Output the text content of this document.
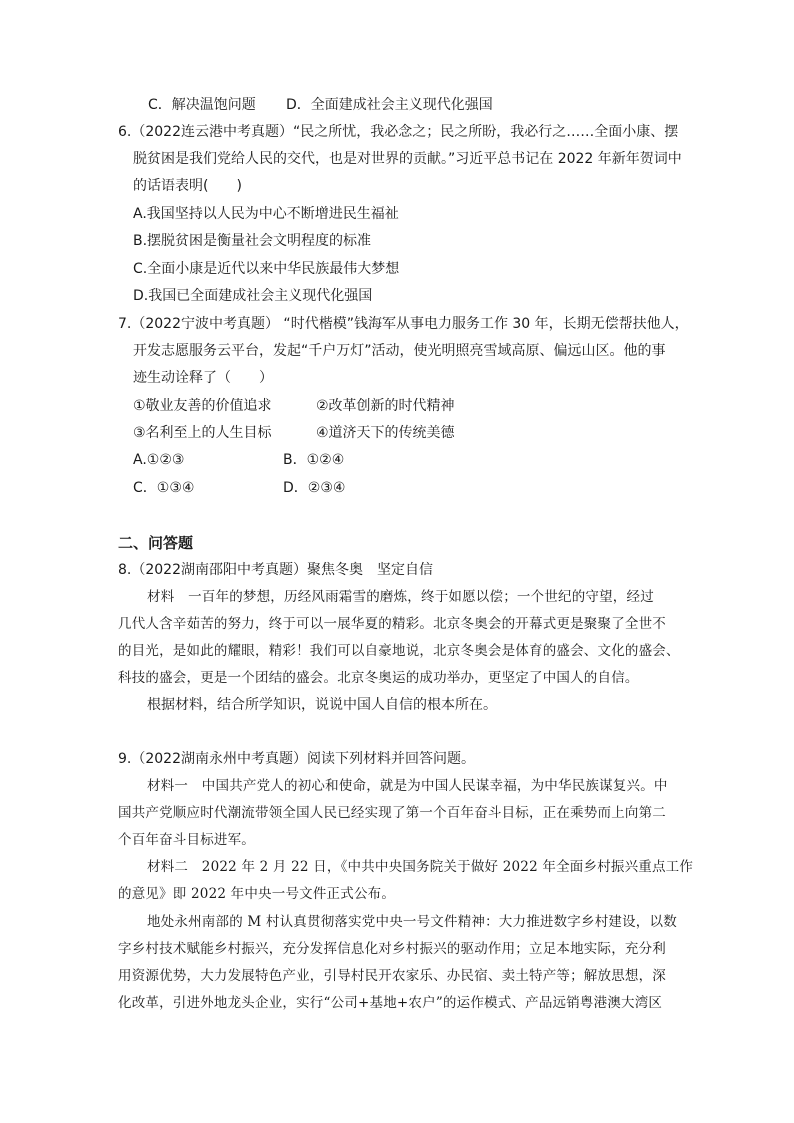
C．解决温饱问题 D．全面建成社会主义现代化强国
6.（2022连云港中考真题）“民之所忧，我必念之；民之所盼，我必行之……全面小康、摆
脱贫困是我们党给人民的交代，也是对世界的贡献。”习近平总书记在 2022 年新年贺词中
的话语表明(　　)
A.我国坚持以人民为中心不断增进民生福祉
B.摆脱贫困是衡量社会文明程度的标准
C.全面小康是近代以来中华民族最伟大梦想
D.我国已全面建成社会主义现代化强国
7.（2022宁波中考真题） “时代楷模”钱海军从事电力服务工作 30 年，长期无偿帮扶他人，
开发志愿服务云平台，发起“千户万灯”活动，使光明照亮雪域高原、偏远山区。他的事
迹生动诠释了（　　）
①敬业友善的价值追求	②改革创新的时代精神
③名利至上的人生目标	④道济天下的传统美德
A.①②③	B．①②④
C．①③④	D．②③④
二、问答题
8.（2022湖南邵阳中考真题）聚焦冬奥　坚定自信
材料　一百年的梦想，历经风雨霜雪的磨炼，终于如愿以偿；一个世纪的守望，经过
几代人含辛茹苦的努力，终于可以一展华夏的精彩。北京冬奥会的开幕式更是聚聚了全世不
的目光，是如此的耀眼，精彩！我们可以自豪地说，北京冬奥会是体育的盛会、文化的盛会、
科技的盛会，更是一个团结的盛会。北京冬奥运的成功举办，更坚定了中国人的自信。
根据材料，结合所学知识，说说中国人自信的根本所在。
9.（2022湖南永州中考真题）阅读下列材料并回答问题。
材料一　中国共产党人的初心和使命，就是为中国人民谋幸福，为中华民族谋复兴。中
国共产党顺应时代潮流带领全国人民已经实现了第一个百年奋斗目标，正在乘势而上向第二
个百年奋斗目标进军。
材料二　2022 年 2 月 22 日，《中共中央国务院关于做好 2022 年全面乡村振兴重点工作
的意见》即 2022 年中央一号文件正式公布。
地处永州南部的 M 村认真贯彻落实党中央一号文件精神：大力推进数字乡村建设，以数
字乡村技术赋能乡村振兴，充分发挥信息化对乡村振兴的驱动作用；立足本地实际，充分利
用资源优势，大力发展特色产业，引导村民开农家乐、办民宿、卖土特产等；解放思想，深
化改革，引进外地龙头企业，实行“公司+基地+农户”的运作模式、产品远销粤港澳大湾区
